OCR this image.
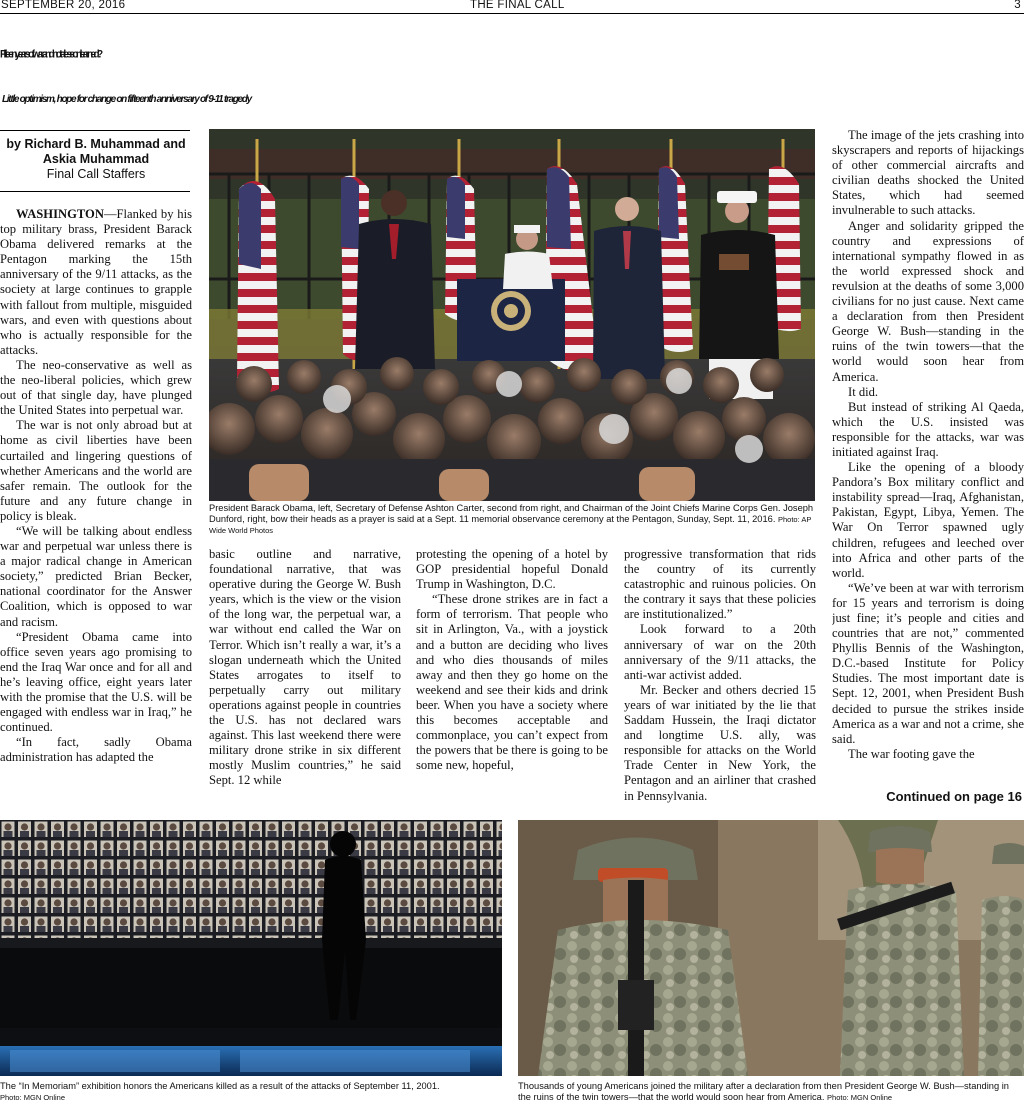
SEPTEMBER 20, 2016	THE FINAL CALL	3
Fifteen years of war and not a lesson learned?
Little optimism, hope for change on fifteenth anniversary of 9-11 tragedy
by Richard B. Muhammad and Askia Muhammad
Final Call Staffers

WASHINGTON—Flanked by his top military brass, President Barack Obama delivered remarks at the Pentagon marking the 15th anniversary of the 9/11 attacks, as the society at large continues to grapple with fallout from multiple, misguided wars, and even with questions about who is actually responsible for the attacks.

The neo-conservative as well as the neo-liberal policies, which grew out of that single day, have plunged the United States into perpetual war.

The war is not only abroad but at home as civil liberties have been curtailed and lingering questions of whether Americans and the world are safer remain. The outlook for the future and any future change in policy is bleak.

“We will be talking about endless war and perpetual war unless there is a major radical change in American society,” predicted Brian Becker, national coordinator for the Answer Coalition, which is opposed to war and racism.

“President Obama came into office seven years ago promising to end the Iraq War once and for all and he’s leaving office, eight years later with the promise that the U.S. will be engaged with endless war in Iraq,” he continued.

“In fact, sadly Obama administration has adapted the

President Barack Obama, left, Secretary of Defense Ashton Carter, second from right, and Chairman of the Joint Chiefs Marine Corps Gen. Joseph Dunford, right, bow their heads as a prayer is said at a Sept. 11 memorial observance ceremony at the Pentagon, Sunday, Sept. 11, 2016. Photo: AP Wide World Photos

basic outline and narrative, foundational narrative, that was operative during the George W. Bush years, which is the view or the vision of the long war, the perpetual war, a war without end called the War on Terror. Which isn’t really a war, it’s a slogan underneath which the United States arrogates to itself to perpetually carry out military operations against people in countries the U.S. has not declared wars against. This last weekend there were military drone strike in six different mostly Muslim countries,” he said Sept. 12 while

protesting the opening of a hotel by GOP presidential hopeful Donald Trump in Washington, D.C.

“These drone strikes are in fact a form of terrorism. That people who sit in Arlington, Va., with a joystick and a button are deciding who lives and who dies thousands of miles away and then they go home on the weekend and see their kids and drink beer. When you have a society where this becomes acceptable and commonplace, you can’t expect from the powers that be there is going to be some new, hopeful,

progressive transformation that rids the country of its currently catastrophic and ruinous policies. On the contrary it says that these policies are institutionalized.”

Look forward to a 20th anniversary of war on the 20th anniversary of the 9/11 attacks, the anti-war activist added.

Mr. Becker and others decried 15 years of war initiated by the lie that Saddam Hussein, the Iraqi dictator and longtime U.S. ally, was responsible for attacks on the World Trade Center in New York, the Pentagon and an airliner that crashed in Pennsylvania.

The image of the jets crashing into skyscrapers and reports of hijackings of other commercial aircrafts and civilian deaths shocked the United States, which had seemed invulnerable to such attacks.

Anger and solidarity gripped the country and expressions of international sympathy flowed in as the world expressed shock and revulsion at the deaths of some 3,000 civilians for no just cause. Next came a declaration from then President George W. Bush—standing in the ruins of the twin towers—that the world would soon hear from America.

It did.

But instead of striking Al Qaeda, which the U.S. insisted was responsible for the attacks, war was initiated against Iraq.

Like the opening of a bloody Pandora’s Box military conflict and instability spread—Iraq, Afghanistan, Pakistan, Egypt, Libya, Yemen. The War On Terror spawned ugly children, refugees and leeched over into Africa and other parts of the world.

“We’ve been at war with terrorism for 15 years and terrorism is doing just fine; it’s people and cities and countries that are not,” commented Phyllis Bennis of the Washington, D.C.-based Institute for Policy Studies. The most important date is Sept. 12, 2001, when President Bush decided to pursue the strikes inside America as a war and not a crime, she said.

The war footing gave the

Continued on page 16
The “In Memoriam” exhibition honors the Americans killed as a result of the attacks of September 11, 2001.
Photo: MGN Online
Thousands of young Americans joined the military after a declaration from then President George W. Bush—standing in the ruins of the twin towers—that the world would soon hear from America. Photo: MGN Online
